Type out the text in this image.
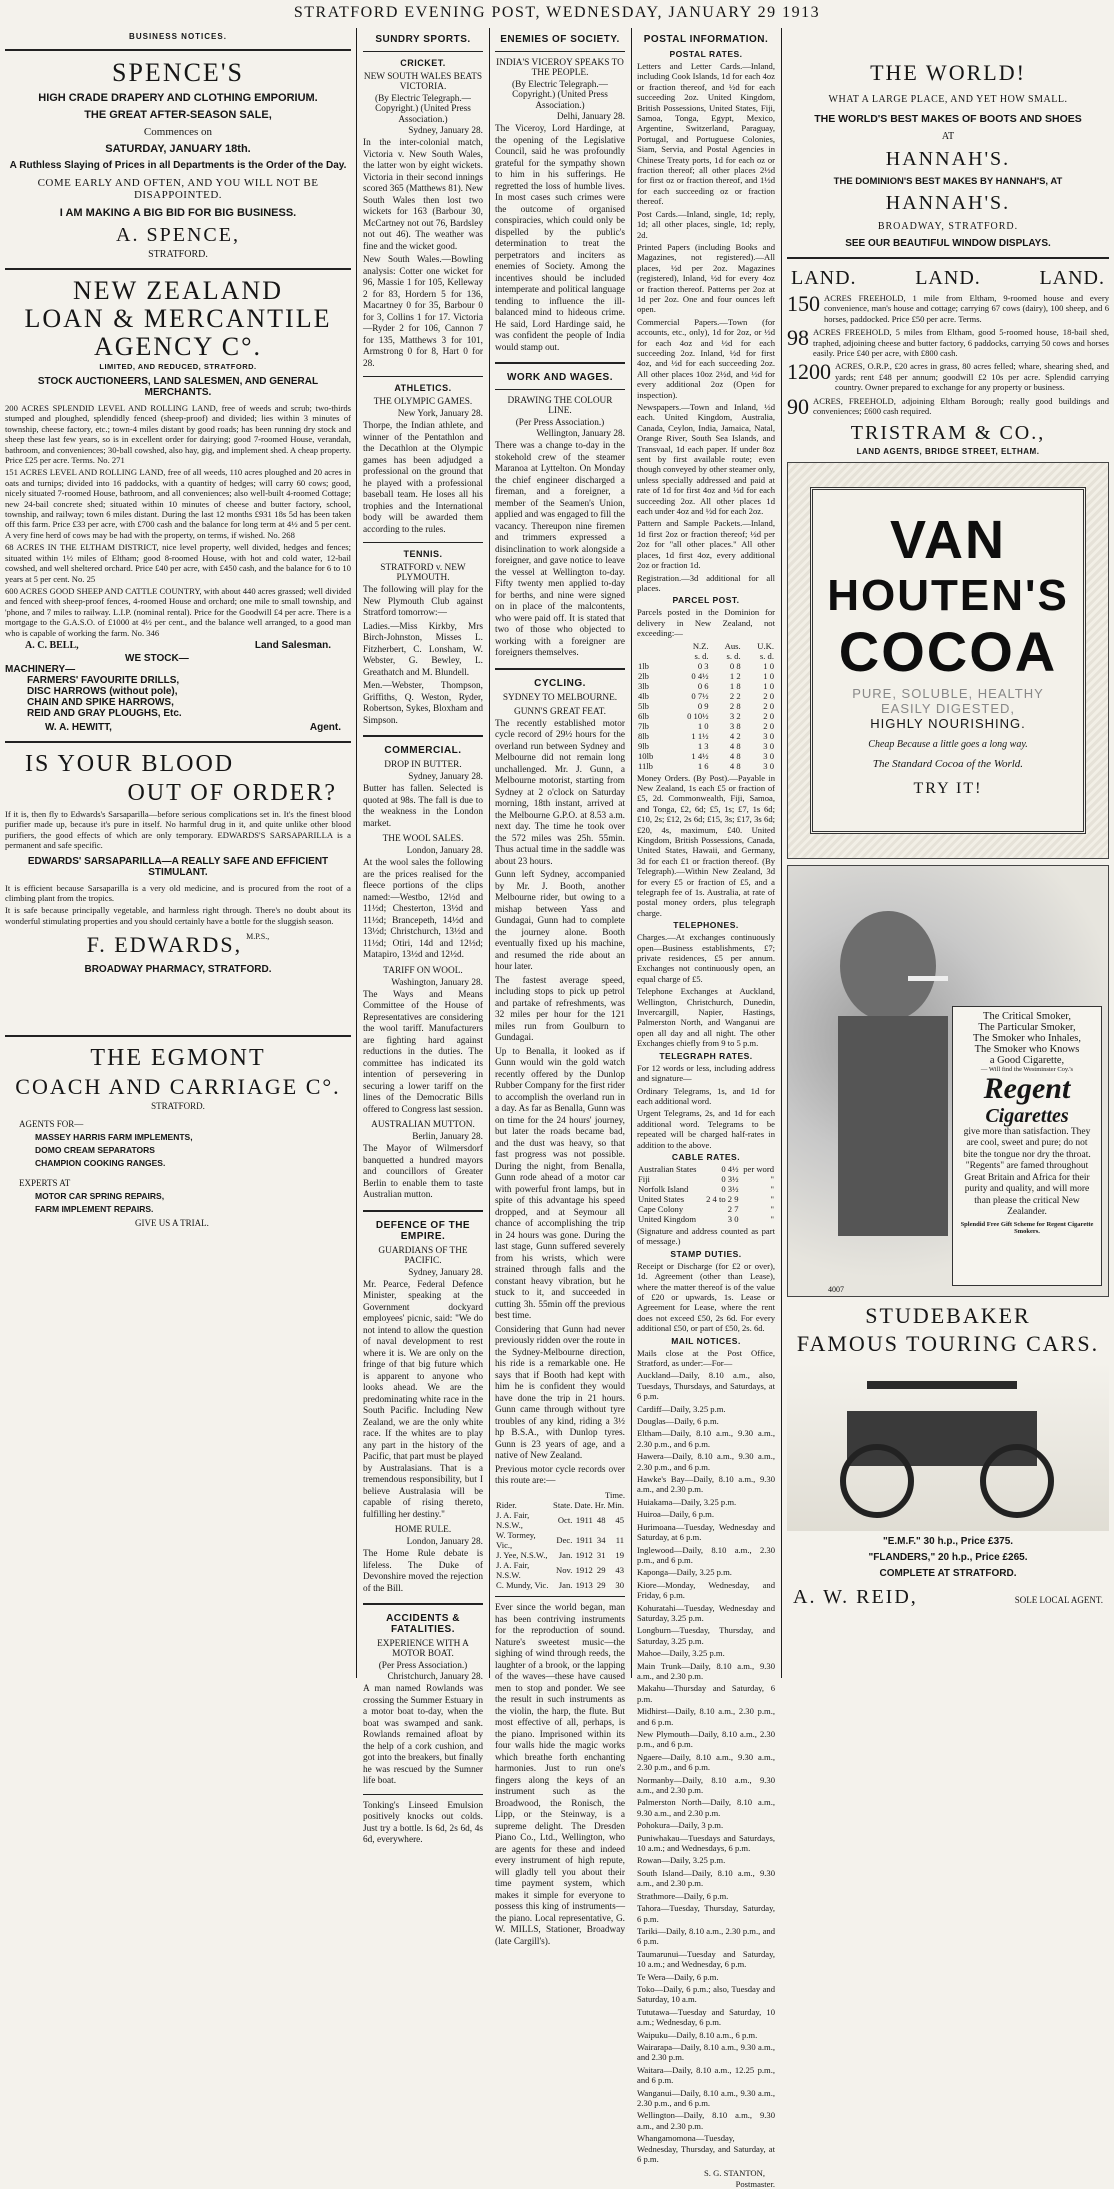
STRATFORD EVENING POST, WEDNESDAY, JANUARY 29 1913
BUSINESS NOTICES.
SPENCE'S
HIGH CRADE DRAPERY AND CLOTHING EMPORIUM.
THE GREAT AFTER-SEASON SALE,
Commences on
SATURDAY, JANUARY 18th.
A Ruthless Slaying of Prices in all Departments is the Order of the Day.
COME EARLY AND OFTEN, AND YOU WILL NOT BE DISAPPOINTED.
I AM MAKING A BIG BID FOR BIG BUSINESS.
A. SPENCE,
STRATFORD.
NEW ZEALAND
LOAN & MERCANTILE
AGENCY C°.
LIMITED, AND REDUCED, STRATFORD.
STOCK AUCTIONEERS, LAND SALESMEN, AND GENERAL MERCHANTS.

200 ACRES SPLENDID LEVEL AND ROLLING LAND, free of weeds and scrub; two-thirds stumped and ploughed, splendidly fenced (sheep-proof) and divided; lies within 3 minutes of township, cheese factory, etc.; town-4 miles distant by good roads; has been running dry stock and sheep these last few years, so is in excellent order for dairying; good 7-roomed House, verandah, bathroom, and conveniences; 30-ball cowshed, also hay, gig, and implement shed. A cheap property. Price £25 per acre. Terms. No. 271

151 ACRES LEVEL AND ROLLING LAND, free of all weeds, 110 acres ploughed and 20 acres in oats and turnips; divided into 16 paddocks, with a quantity of hedges; will carry 60 cows; good, nicely situated 7-roomed House, bathroom, and all conveniences; also well-built 4-roomed Cottage; new 24-bail concrete shed; situated within 10 minutes of cheese and butter factory, school, township, and railway; town 6 miles distant. During the last 12 months £931 18s 5d has been taken off this farm. Price £33 per acre, with £700 cash and the balance for long term at 4½ and 5 per cent. A very fine herd of cows may be had with the property, on terms, if wished. No. 268

68 ACRES IN THE ELTHAM DISTRICT, nice level property, well divided, hedges and fences; situated within 1½ miles of Eltham; good 8-roomed House, with hot and cold water, 12-bail cowshed, and well sheltered orchard. Price £40 per acre, with £450 cash, and the balance for 6 to 10 years at 5 per cent. No. 25

600 ACRES GOOD SHEEP AND CATTLE COUNTRY, with about 440 acres grassed; well divided and fenced with sheep-proof fences, 4-roomed House and orchard; one mile to small township, and 'phone, and 7 miles to railway. L.I.P. (nominal rental). Price for the Goodwill £4 per acre. There is a mortgage to the G.A.S.O. of £1000 at 4½ per cent., and the balance well arranged, to a good man who is capable of working the farm. No. 346

A. C. BELL,	Land Salesman.
WE STOCK—
MACHINERY—
FARMERS' FAVOURITE DRILLS,
DISC HARROWS (without pole),
CHAIN AND SPIKE HARROWS,
REID AND GRAY PLOUGHS, Etc.
W. A. HEWITT,	Agent.
IS YOUR BLOOD
OUT OF ORDER?

If it is, then fly to Edwards's Sarsaparilla—before serious complications set in. It's the finest blood purifier made up, because it's pure in itself. No harmful drug in it, and quite unlike other blood purifiers, the good effects of which are only temporary. EDWARDS'S SARSAPARILLA is a permanent and safe specific.

EDWARDS' SARSAPARILLA—A REALLY SAFE AND EFFICIENT STIMULANT.

It is efficient because Sarsaparilla is a very old medicine, and is procured from the root of a climbing plant from the tropics.

It is safe because principally vegetable, and harmless right through. There's no doubt about its wonderful stimulating properties and you should certainly have a bottle for the sluggish season.

F. EDWARDS, $^{M.P.S.,}$
BROADWAY PHARMACY, STRATFORD.
THE EGMONT
COACH AND CARRIAGE C°.
STRATFORD.
AGENTS FOR—
MASSEY HARRIS FARM IMPLEMENTS,
DOMO CREAM SEPARATORS
CHAMPION COOKING RANGES.
EXPERTS AT
MOTOR CAR SPRING REPAIRS,
FARM IMPLEMENT REPAIRS.
GIVE US A TRIAL.
SUNDRY SPORTS.
CRICKET.
NEW SOUTH WALES BEATS VICTORIA.
(By Electric Telegraph.—Copyright.) (United Press Association.)
Sydney, January 28.

In the inter-colonial match, Victoria v. New South Wales, the latter won by eight wickets. Victoria in their second innings scored 365 (Matthews 81). New South Wales then lost two wickets for 163 (Barbour 30, McCartney not out 76, Bardsley not out 46). The weather was fine and the wicket good.

New South Wales.—Bowling analysis: Cotter one wicket for 96, Massie 1 for 105, Kelleway 2 for 83, Hordern 5 for 136, Macartney 0 for 35, Barbour 0 for 3, Collins 1 for 17. Victoria—Ryder 2 for 106, Cannon 7 for 135, Matthews 3 for 101, Armstrong 0 for 8, Hart 0 for 28.

ATHLETICS.
THE OLYMPIC GAMES.
New York, January 28.

Thorpe, the Indian athlete, and winner of the Pentathlon and the Decathlon at the Olympic games has been adjudged a professional on the ground that he played with a professional baseball team. He loses all his trophies and the International body will be awarded them according to the rules.

TENNIS.
STRATFORD v. NEW PLYMOUTH.

The following will play for the New Plymouth Club against Stratford tomorrow:—

Ladies.—Miss Kirkby, Mrs Birch-Johnston, Misses L. Fitzherbert, C. Lonsham, W. Webster, G. Bewley, L. Greathatch and M. Blundell.

Men.—Webster, Thompson, Griffiths, Q. Weston, Ryder, Robertson, Sykes, Bloxham and Simpson.

COMMERCIAL.
DROP IN BUTTER.
Sydney, January 28.

Butter has fallen. Selected is quoted at 98s. The fall is due to the weakness in the London market.

THE WOOL SALES.
London, January 28.

At the wool sales the following are the prices realised for the fleece portions of the clips named:—Westbo, 12½d and 11½d; Chesterton, 13½d and 11½d; Brancepeth, 14½d and 13½d; Christchurch, 13½d and 11½d; Otiri, 14d and 12½d; Matapiro, 13½d and 12½d.

TARIFF ON WOOL.
Washington, January 28.

The Ways and Means Committee of the House of Representatives are considering the wool tariff. Manufacturers are fighting hard against reductions in the duties. The committee has indicated its intention of persevering in securing a lower tariff on the lines of the Democratic Bills offered to Congress last session.

AUSTRALIAN MUTTON.
Berlin, January 28.

The Mayor of Wilmersdorf banquetted a hundred mayors and councillors of Greater Berlin to enable them to taste Australian mutton.

DEFENCE OF THE EMPIRE.
GUARDIANS OF THE PACIFIC.
Sydney, January 28.

Mr. Pearce, Federal Defence Minister, speaking at the Government dockyard employees' picnic, said: "We do not intend to allow the question of naval development to rest where it is. We are only on the fringe of that big future which is apparent to anyone who looks ahead. We are the predominating white race in the South Pacific. Including New Zealand, we are the only white race. If the whites are to play any part in the history of the Pacific, that part must be played by Australasians. That is a tremendous responsibility, but I believe Australasia will be capable of rising thereto, fulfilling her destiny."

HOME RULE.
London, January 28.

The Home Rule debate is lifeless. The Duke of Devonshire moved the rejection of the Bill.

ACCIDENTS & FATALITIES.
EXPERIENCE WITH A MOTOR BOAT.
(Per Press Association.)
Christchurch, January 28.

A man named Rowlands was crossing the Summer Estuary in a motor boat to-day, when the boat was swamped and sank. Rowlands remained afloat by the help of a cork cushion, and got into the breakers, but finally he was rescued by the Sumner life boat.

Tonking's Linseed Emulsion positively knocks out colds. Just try a bottle. Is 6d, 2s 6d, 4s 6d, everywhere.

ENEMIES OF SOCIETY.
INDIA'S VICEROY SPEAKS TO THE PEOPLE.
(By Electric Telegraph.—Copyright.) (United Press Association.)
Delhi, January 28.

The Viceroy, Lord Hardinge, at the opening of the Legislative Council, said he was profoundly grateful for the sympathy shown to him in his sufferings. He regretted the loss of humble lives. In most cases such crimes were the outcome of organised conspiracies, which could only be dispelled by the public's determination to treat the perpetrators and inciters as enemies of Society. Among the incentives should be included intemperate and political language tending to influence the ill-balanced mind to hideous crime. He said, Lord Hardinge said, he was confident the people of India would stamp out.

WORK AND WAGES.
DRAWING THE COLOUR LINE.
(Per Press Association.)
Wellington, January 28.

There was a change to-day in the stokehold crew of the steamer Maranoa at Lyttelton. On Monday the chief engineer discharged a fireman, and a foreigner, a member of the Seamen's Union, applied and was engaged to fill the vacancy. Thereupon nine firemen and trimmers expressed a disinclination to work alongside a foreigner, and gave notice to leave the vessel at Wellington to-day. Fifty twenty men applied to-day for berths, and nine were signed on in place of the malcontents, who were paid off. It is stated that two of those who objected to working with a foreigner are foreigners themselves.

CYCLING.
SYDNEY TO MELBOURNE.
GUNN'S GREAT FEAT.

The recently established motor cycle record of 29½ hours for the overland run between Sydney and Melbourne did not remain long unchallenged. Mr. J. Gunn, a Melbourne motorist, starting from Sydney at 2 o'clock on Saturday morning, 18th instant, arrived at the Melbourne G.P.O. at 8.53 a.m. next day. The time he took over the 572 miles was 25h. 55min. Thus actual time in the saddle was about 23 hours.

Gunn left Sydney, accompanied by Mr. J. Booth, another Melbourne rider, but owing to a mishap between Yass and Gundagai, Gunn had to complete the journey alone. Booth eventually fixed up his machine, and resumed the ride about an hour later.

The fastest average speed, including stops to pick up petrol and partake of refreshments, was 32 miles per hour for the 121 miles run from Goulburn to Gundagai.

Up to Benalla, it looked as if Gunn would win the gold watch recently offered by the Dunlop Rubber Company for the first rider to accomplish the overland run in a day. As far as Benalla, Gunn was on time for the 24 hours' journey, but later the roads became bad, and the dust was heavy, so that fast progress was not possible. During the night, from Benalla, Gunn rode ahead of a motor car with powerful front lamps, but in spite of this advantage his speed dropped, and at Seymour all chance of accomplishing the trip in 24 hours was gone. During the last stage, Gunn suffered severely from his wrists, which were strained through falls and the constant heavy vibration, but he stuck to it, and succeeded in cutting 3h. 55min off the previous best time.

Considering that Gunn had never previously ridden over the route in the Sydney-Melbourne direction, his ride is a remarkable one. He says that if Booth had kept with him he is confident they would have done the trip in 21 hours. Gunn came through without tyre troubles of any kind, riding a 3½ hp B.S.A., with Dunlop tyres. Gunn is 23 years of age, and a native of New Zealand.

Previous motor cycle records over this route are:—

Time.
Rider.	State.	Date.	Hr.	Min.
J. A. Fair, N.S.W.,	Oct.	1911	48	45
W. Tormey, Vic.,	Dec.	1911	34	11
J. Yee, N.S.W.,	Jan.	1912	31	19
J. A. Fair, N.S.W.	Nov.	1912	29	43
C. Mundy, Vic.	Jan.	1913	29	30

Ever since the world began, man has been contriving instruments for the reproduction of sound. Nature's sweetest music—the sighing of wind through reeds, the laughter of a brook, or the lapping of the waves—these have caused men to stop and ponder. We see the result in such instruments as the violin, the harp, the flute. But most effective of all, perhaps, is the piano. Imprisoned within its four walls hide the magic works which breathe forth enchanting harmonies. Just to run one's fingers along the keys of an instrument such as the Broadwood, the Ronisch, the Lipp, or the Steinway, is a supreme delight. The Dresden Piano Co., Ltd., Wellington, who are agents for these and indeed every instrument of high repute, will gladly tell you about their time payment system, which makes it simple for everyone to possess this king of instruments—the piano. Local representative, G. W. MILLS, Stationer, Broadway (late Cargill's).

POSTAL INFORMATION.
POSTAL RATES.

Letters and Letter Cards.—Inland, including Cook Islands, 1d for each 4oz or fraction thereof, and ½d for each succeeding 2oz. United Kingdom, British Possessions, United States, Fiji, Samoa, Tonga, Egypt, Mexico, Argentine, Switzerland, Paraguay, Portugal, and Portuguese Colonies, Siam, Servia, and Postal Agencies in Chinese Treaty ports, 1d for each oz or fraction thereof; all other places 2½d for first oz or fraction thereof, and 1½d for each succeeding oz or fraction thereof.

Post Cards.—Inland, single, 1d; reply, 1d; all other places, single, 1d; reply, 2d.

Printed Papers (including Books and Magazines, not registered).—All places, ½d per 2oz. Magazines (registered), Inland, ½d for every 4oz or fraction thereof. Patterns per 2oz at 1d per 2oz. One and four ounces left open.

Commercial Papers.—Town (for accounts, etc., only), 1d for 2oz, or ½d for each 4oz and ½d for each succeeding 2oz. Inland, ½d for first 4oz, and ½d for each succeeding 2oz. All other places 10oz 2½d, and ½d for every additional 2oz (Open for inspection).

Newspapers.—Town and Inland, ½d each. United Kingdom, Australia, Canada, Ceylon, India, Jamaica, Natal, Orange River, South Sea Islands, and Transvaal, 1d each paper. If under 8oz sent by first available route; even though conveyed by other steamer only, unless specially addressed and paid at rate of 1d for first 4oz and ½d for each succeeding 2oz. All other places 1d each under 4oz and ½d for each 2oz.

Pattern and Sample Packets.—Inland, 1d first 2oz or fraction thereof; ½d per 2oz for "all other places." All other places, 1d first 4oz, every additional 2oz or fraction 1d.

Registration.—3d additional for all places.

PARCEL POST.

Parcels posted in the Dominion for delivery in New Zealand, not exceeding:—

	N.Z.	Aus.	U.K.
	s. d.	s. d.	s. d.
1lb	0 3	0 8	1 0
2lb	0 4½	1 2	1 0
3lb	0 6	1 8	1 0
4lb	0 7½	2 2	2 0
5lb	0 9	2 8	2 0
6lb	0 10½	3 2	2 0
7lb	1 0	3 8	2 0
8lb	1 1½	4 2	3 0
9lb	1 3	4 8	3 0
10lb	1 4½	4 8	3 0
11lb	1 6	4 8	3 0

Money Orders. (By Post).—Payable in New Zealand, 1s each £5 or fraction of £5, 2d. Commonwealth, Fiji, Samoa, and Tonga, £2, 6d; £5, 1s; £7, 1s 6d; £10, 2s; £12, 2s 6d; £15, 3s; £17, 3s 6d; £20, 4s, maximum, £40. United Kingdom, British Possessions, Canada, United States, Hawaii, and Germany, 3d for each £1 or fraction thereof. (By Telegraph).—Within New Zealand, 3d for every £5 or fraction of £5, and a telegraph fee of 1s. Australia, at rate of postal money orders, plus telegraph charge.

TELEPHONES.

Charges.—At exchanges continuously open—Business establishments, £7; private residences, £5 per annum. Exchanges not continuously open, an equal charge of £5.

Telephone Exchanges at Auckland, Wellington, Christchurch, Dunedin, Invercargill, Napier, Hastings, Palmerston North, and Wanganui are open all day and all night. The other Exchanges chiefly from 9 to 5 p.m.

TELEGRAPH RATES.

For 12 words or less, including address and signature—

Ordinary Telegrams, 1s, and 1d for each additional word.

Urgent Telegrams, 2s, and 1d for each additional word. Telegrams to be repeated will be charged half-rates in addition to the above.

CABLE RATES.
Australian States	0 4½	per word
Fiji	0 3½	"
Norfolk Island	0 3½	"
United States	2 4 to 2 9	"
Cape Colony	2 7	"
United Kingdom	3 0	"

(Signature and address counted as part of message.)

STAMP DUTIES.

Receipt or Discharge (for £2 or over), 1d. Agreement (other than Lease), where the matter thereof is of the value of £20 or upwards, 1s. Lease or Agreement for Lease, where the rent does not exceed £50, 2s 6d. For every additional £50, or part of £50, 2s. 6d.

MAIL NOTICES.

Mails close at the Post Office, Stratford, as under:—For—

Auckland—Daily, 8.10 a.m., also, Tuesdays, Thursdays, and Saturdays, at 6 p.m.
Cardiff—Daily, 3.25 p.m.
Douglas—Daily, 6 p.m.
Eltham—Daily, 8.10 a.m., 9.30 a.m., 2.30 p.m., and 6 p.m.
Hawera—Daily, 8.10 a.m., 9.30 a.m., 2.30 p.m., and 6 p.m.
Hawke's Bay—Daily, 8.10 a.m., 9.30 a.m., and 2.30 p.m.
Huiakama—Daily, 3.25 p.m.
Huiroa—Daily, 6 p.m.
Hurimoana—Tuesday, Wednesday and Saturday, at 6 p.m.
Inglewood—Daily, 8.10 a.m., 2.30 p.m., and 6 p.m.
Kaponga—Daily, 3.25 p.m.
Kiore—Monday, Wednesday, and Friday, 6 p.m.
Kohuratahi—Tuesday, Wednesday and Saturday, 3.25 p.m.
Longburn—Tuesday, Thursday, and Saturday, 3.25 p.m.
Mahoe—Daily, 3.25 p.m.
Main Trunk—Daily, 8.10 a.m., 9.30 a.m., and 2.30 p.m.
Makahu—Thursday and Saturday, 6 p.m.
Midhirst—Daily, 8.10 a.m., 2.30 p.m., and 6 p.m.
New Plymouth—Daily, 8.10 a.m., 2.30 p.m., and 6 p.m.
Ngaere—Daily, 8.10 a.m., 9.30 a.m., 2.30 p.m., and 6 p.m.
Normanby—Daily, 8.10 a.m., 9.30 a.m., and 2.30 p.m.
Palmerston North—Daily, 8.10 a.m., 9.30 a.m., and 2.30 p.m.
Pohokura—Daily, 3 p.m.
Puniwhakau—Tuesdays and Saturdays, 10 a.m.; and Wednesdays, 6 p.m.
Rowan—Daily, 3.25 p.m.
South Island—Daily, 8.10 a.m., 9.30 a.m., and 2.30 p.m.
Strathmore—Daily, 6 p.m.
Tahora—Tuesday, Thursday, Saturday, 6 p.m.
Tariki—Daily, 8.10 a.m., 2.30 p.m., and 6 p.m.
Taumarunui—Tuesday and Saturday, 10 a.m.; and Wednesday, 6 p.m.
Te Wera—Daily, 6 p.m.
Toko—Daily, 6 p.m.; also, Tuesday and Saturday, 10 a.m.
Tututawa—Tuesday and Saturday, 10 a.m.; Wednesday, 6 p.m.
Waipuku—Daily, 8.10 a.m., 6 p.m.
Wairarapa—Daily, 8.10 a.m., 9.30 a.m., and 2.30 p.m.
Waitara—Daily, 8.10 a.m., 12.25 p.m., and 6 p.m.
Wanganui—Daily, 8.10 a.m., 9.30 a.m., 2.30 p.m., and 6 p.m.
Wellington—Daily, 8.10 a.m., 9.30 a.m., and 2.30 p.m.
Whangamomona—Tuesday, Wednesday, Thursday, and Saturday, at 6 p.m.
S. G. STANTON,
Postmaster.
THE WORLD!
WHAT A LARGE PLACE, AND YET HOW SMALL.
THE WORLD'S BEST MAKES OF BOOTS AND SHOES
AT
HANNAH'S.
THE DOMINION'S BEST MAKES BY HANNAH'S, AT
HANNAH'S.
BROADWAY, STRATFORD.
SEE OUR BEAUTIFUL WINDOW DISPLAYS.
LAND.	LAND.	LAND.
150 ACRES FREEHOLD, 1 mile from Eltham, 9-roomed house and every convenience, man's house and cottage; carrying 67 cows (dairy), 100 sheep, and 6 horses, paddocked. Price £50 per acre. Terms.
98 ACRES FREEHOLD, 5 miles from Eltham, good 5-roomed house, 18-bail shed, traphed, adjoining cheese and butter factory, 6 paddocks, carrying 50 cows and horses easily. Price £40 per acre, with £800 cash.
1200 ACRES, O.R.P., £20 acres in grass, 80 acres felled; whare, shearing shed, and yards; rent £48 per annum; goodwill £2 10s per acre. Splendid carrying country. Owner prepared to exchange for any property or business.
90 ACRES, FREEHOLD, adjoining Eltham Borough; really good buildings and conveniences; £600 cash required.
TRISTRAM & CO.,
LAND AGENTS, BRIDGE STREET, ELTHAM.
VAN
HOUTEN'S
COCOA
PURE, SOLUBLE, HEALTHY
EASILY DIGESTED,
HIGHLY NOURISHING.
Cheap Because a little goes a long way.
The Standard Cocoa of the World.
TRY IT!
The Critical Smoker,
The Particular Smoker,
The Smoker who Inhales,
The Smoker who Knows
a Good Cigarette,
— Will find the Westminster Coy.'s
Regent
Cigarettes
give more than satisfaction. They are cool, sweet and pure; do not bite the tongue nor dry the throat. "Regents" are famed throughout Great Britain and Africa for their purity and quality, and will more than please the critical New Zealander.
Splendid Free Gift Scheme for Regent Cigarette Smokers.
4007
STUDEBAKER
FAMOUS TOURING CARS.
"E.M.F." 30 h.p., Price £375.
"FLANDERS," 20 h.p., Price £265.
COMPLETE AT STRATFORD.
A. W. REID,	SOLE LOCAL AGENT.
